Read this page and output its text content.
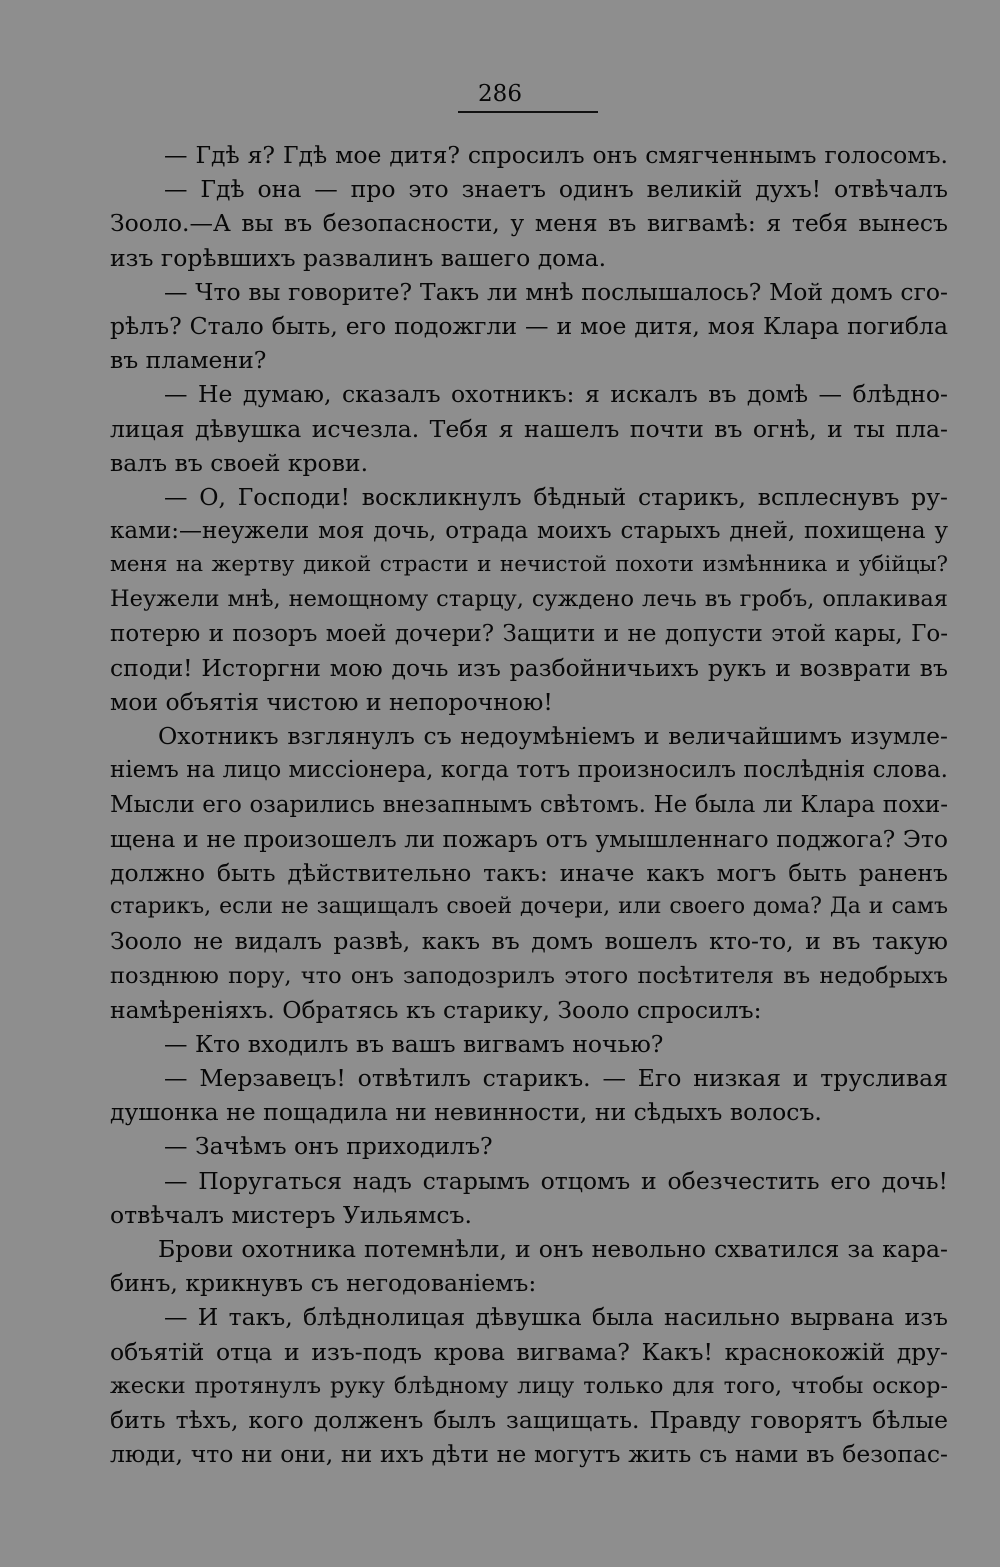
286
— Гдѣ я? Гдѣ мое дитя? спросилъ онъ смягченнымъ голосомъ.
— Гдѣ она — про это знаетъ одинъ великій духъ! отвѣчалъ
Зооло.—А вы въ безопасности, у меня въ вигвамѣ: я тебя вынесъ
изъ горѣвшихъ развалинъ вашего дома.
— Что вы говорите? Такъ ли мнѣ послышалось? Мой домъ сго-
рѣлъ? Стало быть, его подожгли — и мое дитя, моя Клара погибла
въ пламени?
— Не думаю, сказалъ охотникъ: я искалъ въ домѣ — блѣдно-
лицая дѣвушка исчезла. Тебя я нашелъ почти въ огнѣ, и ты пла-
валъ въ своей крови.
— О, Господи! воскликнулъ бѣдный старикъ, всплеснувъ ру-
ками:—неужели моя дочь, отрада моихъ старыхъ дней, похищена у
меня на жертву дикой страсти и нечистой похоти измѣнника и убійцы?
Неужели мнѣ, немощному старцу, суждено лечь въ гробъ, оплакивая
потерю и позоръ моей дочери? Защити и не допусти этой кары, Го-
споди! Исторгни мою дочь изъ разбойничьихъ рукъ и возврати въ
мои объятія чистою и непорочною!
Охотникъ взглянулъ съ недоумѣніемъ и величайшимъ изумле-
ніемъ на лицо миссіонера, когда тотъ произносилъ послѣднія слова.
Мысли его озарились внезапнымъ свѣтомъ. Не была ли Клара похи-
щена и не произошелъ ли пожаръ отъ умышленнаго поджога? Это
должно быть дѣйствительно такъ: иначе какъ могъ быть раненъ
старикъ, если не защищалъ своей дочери, или своего дома? Да и самъ
Зооло не видалъ развѣ, какъ въ домъ вошелъ кто-то, и въ такую
позднюю пору, что онъ заподозрилъ этого посѣтителя въ недобрыхъ
намѣреніяхъ. Обратясь къ старику, Зооло спросилъ:
— Кто входилъ въ вашъ вигвамъ ночью?
— Мерзавецъ! отвѣтилъ старикъ. — Его низкая и трусливая
душонка не пощадила ни невинности, ни сѣдыхъ волосъ.
— Зачѣмъ онъ приходилъ?
— Поругаться надъ старымъ отцомъ и обезчестить его дочь!
отвѣчалъ мистеръ Уильямсъ.
Брови охотника потемнѣли, и онъ невольно схватился за кара-
бинъ, крикнувъ съ негодованіемъ:
— И такъ, блѣднолицая дѣвушка была насильно вырвана изъ
объятій отца и изъ-подъ крова вигвама? Какъ! краснокожій дру-
жески протянулъ руку блѣдному лицу только для того, чтобы оскор-
бить тѣхъ, кого долженъ былъ защищать. Правду говорятъ бѣлые
люди, что ни они, ни ихъ дѣти не могутъ жить съ нами въ безопас-
